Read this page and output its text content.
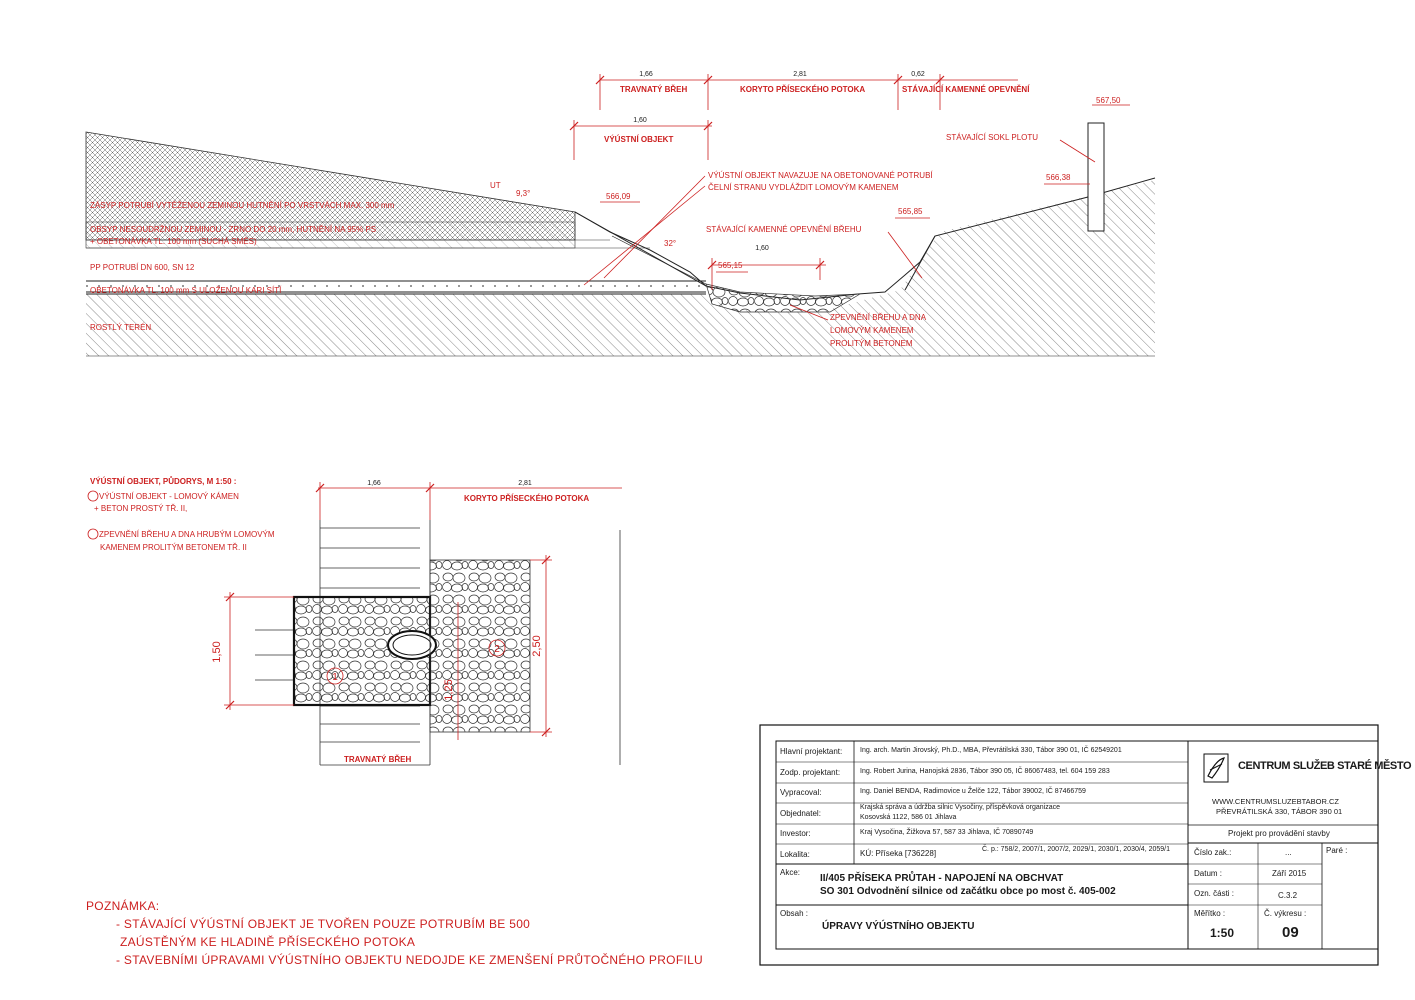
1,66	2,81	0,62
1,60
1,60
TRAVNATÝ BŘEH	KORYTO PŘÍSECKÉHO POTOKA	STÁVAJÍCÍ KAMENNÉ OPEVNĚNÍ
VÝÚSTNÍ OBJEKT
567,50
STÁVAJÍCÍ SOKL PLOTU
566,38
UT
9,3°	566,09
32°
565,85
565,15
VÝÚSTNÍ OBJEKT NAVAZUJE NA OBETONOVANÉ POTRUBÍ
ČELNÍ STRANU VYDLÁŽDIT LOMOVÝM KAMENEM
STÁVAJÍCÍ KAMENNÉ OPEVNĚNÍ BŘEHU
ZPEVNĚNÍ BŘEHU A DNA
LOMOVÝM KAMENEM
PROLITÝM BETONEM
ZÁSYP POTRUBÍ VYTĚŽENOU ZEMINOU HUTNĚNÍ PO VRSTVÁCH MAX. 300 mm
OBSYP NESOUDRŽNOU ZEMINOU - ZRNO DO 20 mm, HUTNĚNÍ NA 95% PS
+ OBETONÁVKA TL. 100 mm (SUCHÁ SMĚS)
PP POTRUBÍ DN 600, SN 12
OBETONÁVKA TL. 100 mm S ULOŽENOU KARI SÍTÍ
ROSTLÝ TERÉN
1,66	2,81
1,50	2,50
1,25
1
2
VÝÚSTNÍ OBJEKT, PŮDORYS, M 1:50 :
VÝÚSTNÍ OBJEKT - LOMOVÝ KÁMEN
+ BETON PROSTÝ TŘ. II,
ZPEVNĚNÍ BŘEHU A DNA HRUBÝM LOMOVÝM
KAMENEM PROLITÝM BETONEM TŘ. II
KORYTO PŘÍSECKÉHO POTOKA
TRAVNATÝ BŘEH
Hlavní projektant:	Ing. arch. Martin Jirovský, Ph.D., MBA, Převrátilská 330, Tábor 390 01, IČ 62549201
Zodp. projektant:	Ing. Robert Jurina, Hanojská 2836, Tábor 390 05, IČ 86067483, tel. 604 159 283
Vypracoval:	Ing. Daniel BENDA, Radimovice u Želče 122, Tábor 39002, IČ 87466759
Objednatel:
Krajská správa a údržba silnic Vysočiny, příspěvková organizace
Kosovská 1122, 586 01 Jihlava
Investor:	Kraj Vysočina, Žižkova 57, 587 33 Jihlava, IČ 70890749
Lokalita:	KÚ: Příseka [736228]	Č. p.: 758/2, 2007/1, 2007/2, 2029/1, 2030/1, 2030/4, 2059/1
CENTRUM SLUŽEB STARÉ MĚSTO
WWW.CENTRUMSLUZEBTABOR.CZ
PŘEVRÁTILSKÁ 330, TÁBOR 390 01
Projekt pro provádění stavby
Akce:
II/405 PŘÍSEKA PRŮTAH - NAPOJENÍ NA OBCHVAT
SO 301 Odvodnění silnice od začátku obce po most č. 405-002
Obsah :
ÚPRAVY VÝÚSTNÍHO OBJEKTU
Číslo zak.:	...	Paré :
Datum :	Září 2015
Ozn. části :	C.3.2
Měřítko :
1:50
Č. výkresu :
09
POZNÁMKA:
- STÁVAJÍCÍ VÝÚSTNÍ OBJEKT JE TVOŘEN POUZE POTRUBÍM BE 500
ZAÚSTĚNÝM KE HLADINĚ PŘÍSECKÉHO POTOKA
- STAVEBNÍMI ÚPRAVAMI VÝÚSTNÍHO OBJEKTU NEDOJDE KE ZMENŠENÍ PRŮTOČNÉHO PROFILU
